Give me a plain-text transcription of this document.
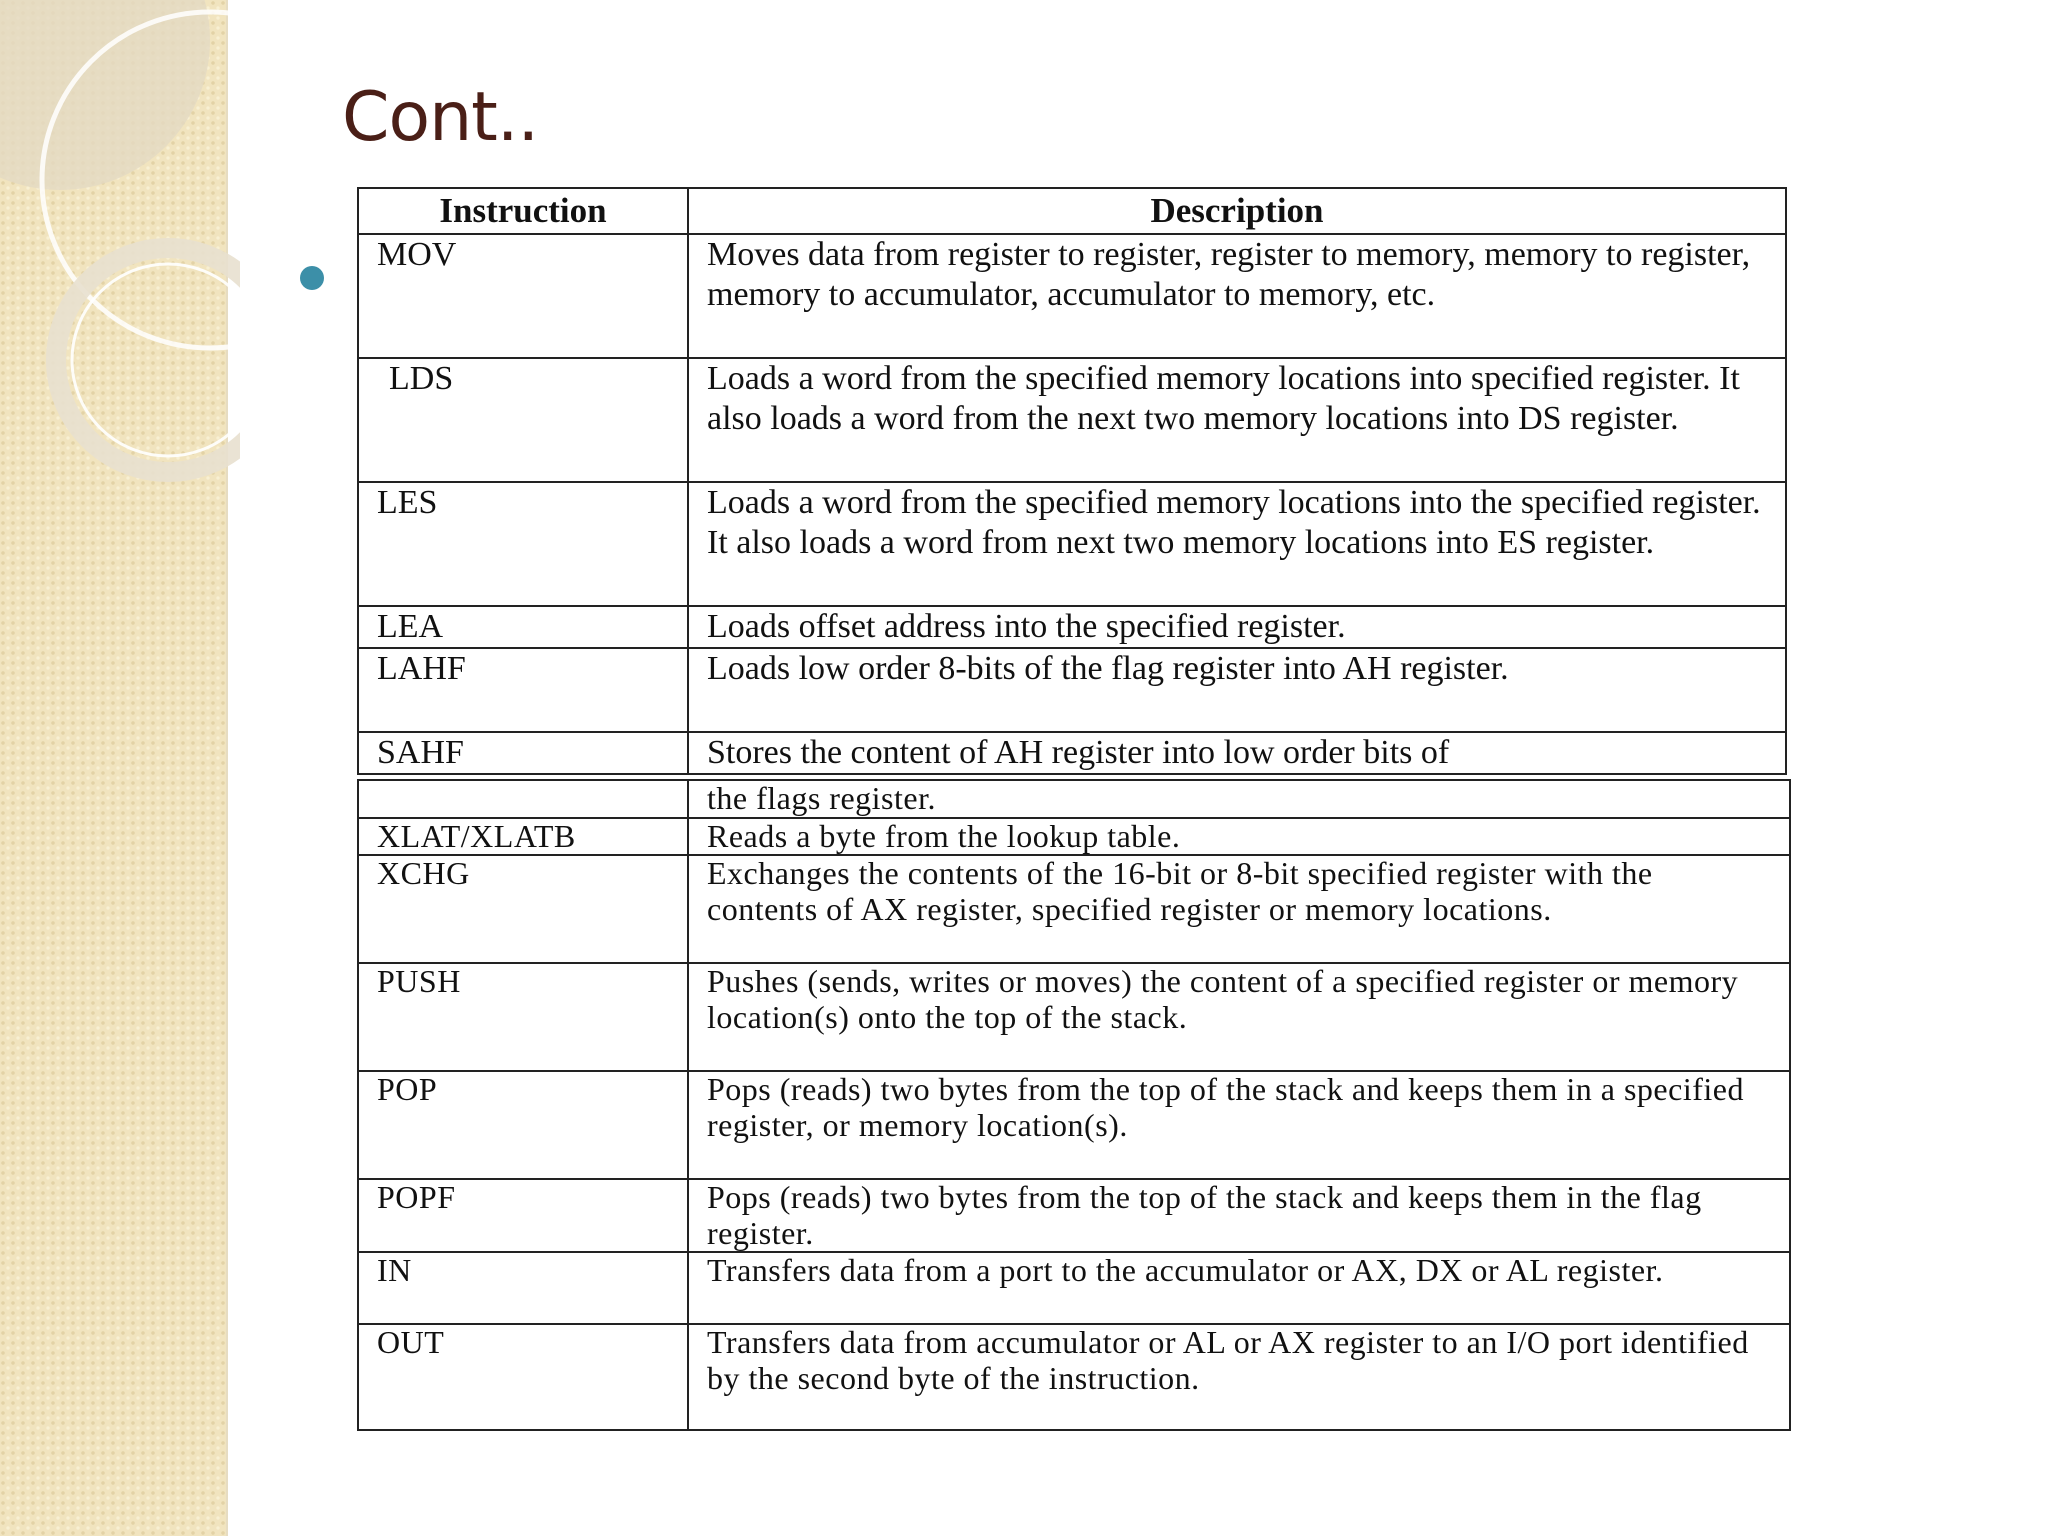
Cont..
Instruction	Description
MOV	Moves data from register to register, register to memory, memory to register, memory to accumulator, accumulator to memory, etc.
LDS	Loads a word from the specified memory locations into specified register. It also loads a word from the next two memory locations into DS register.
LES	Loads a word from the specified memory locations into the specified register. It also loads a word from next two memory locations into ES register.
LEA	Loads offset address into the specified register.
LAHF	Loads low order 8-bits of the flag register into AH register.
SAHF	Stores the content of AH register into low order bits of
	the flags register.
XLAT/XLATB	Reads a byte from the lookup table.
XCHG	Exchanges the contents of the 16-bit or 8-bit specified register with the contents of AX register, specified register or memory locations.
PUSH	Pushes (sends, writes or moves) the content of a specified register or memory location(s) onto the top of the stack.
POP	Pops (reads) two bytes from the top of the stack and keeps them in a specified register, or memory location(s).
POPF	Pops (reads) two bytes from the top of the stack and keeps them in the flag register.
IN	Transfers data from a port to the accumulator or AX, DX or AL register.
OUT	Transfers data from accumulator or AL or AX register to an I/O port identified by the second byte of the instruction.
